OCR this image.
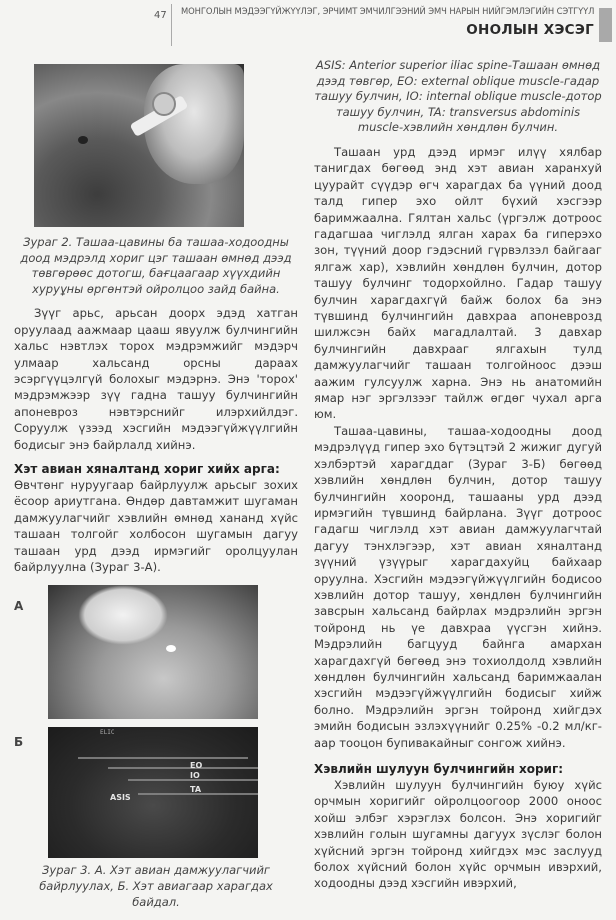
47 МОНГОЛЫН МЭДЭЭГҮЙЖҮҮЛЭГ, ЭРЧИМТ ЭМЧИЛГЭЭНИЙ ЭМЧ НАРЫН НИЙГЭМЛЭГИЙН СЭТГҮҮЛ
ОНОЛЫН ХЭСЭГ

Зураг 2. Ташаа-цавины ба ташаа-ходоодны доод мэдрэлд хориг цэг ташаан өмнөд дээд төвгөрөөс дотогш, бағцаагаар хүүхдийн хуруұны өргөнтэй ойролцоо зайд байна.

Зүүг арьс, арьсан доорх эдэд хатган оруулаад аажмаар цааш явуулж булчингийн хальс нэвтлэх торох мэдрэмжийг мэдэрч улмаар хальсанд орсны дараах эсэргүүцэлгүй болохыг мэдэрнэ. Энэ 'торох' мэдрэмжээр зүү гадна ташуу булчингийн апоневроз нэвтэрснийг илэрхийлдэг. Соруулж үзээд хэсгийн мэдээгүйжүүлгийн бодисыг энэ байрлалд хийнэ.

Хэт авиан хяналтанд хориг хийх арга:

Өвчтөнг нуруугаар байрлуулж арьсыг зохих ёсоор ариутгана. Өндөр давтамжит шугаман дамжуулагчийг хэвлийн өмнөд хананд хүйс ташаан толгойг холбосон шугамын дагуу ташаан урд дээд ирмэгийг оролцуулан байрлуулна (Зураг 3-А).

А
Б
ELIC
EO
IO
TA
ASIS

Зураг 3. А. Хэт авиан дамжуулагчийг байрлуулах, Б. Хэт авиагаар харагдах байдал.

ASIS: Anterior superior iliac spine-Ташаан өмнөд дээд төвгөр, EO: external oblique muscle-гадар ташуу булчин, IO: internal oblique muscle-дотор ташуу булчин, TA: transversus abdominis muscle-хэвлийн хөндлөн булчин.

Ташаан урд дээд ирмэг илүү хялбар танигдах бөгөөд энд хэт авиан харанхуй цуурайт сүүдэр өгч харагдах ба үүний доод талд гипер эхо ойлт бүхий хэсгээр баримжаална. Гялтан хальс (үргэлж дотроос гадагшаа чиглэлд ялган харах ба гиперэхо зон, түүний доор гэдэсний гүрвэлзэл байгааг ялгаж хар), хэвлийн хөндлөн булчин, дотор ташуу булчинг тодорхойлно. Гадар ташуу булчин харагдахгүй байж болох ба энэ түвшинд булчингийн давхраа апоневрозд шилжсэн байх магадлалтай. 3 давхар булчингийн давхрааг ялгахын тулд дамжуулагчийг ташаан толгойноос дээш аажим гулсуулж харна. Энэ нь анатомийн ямар нэг эргэлзээг тайлж өгдөг чухал арга юм.

Ташаа-цавины, ташаа-ходоодны доод мэдрэлүүд гипер эхо бүтэцтэй 2 жижиг дугуй хэлбэртэй харагддаг (Зураг 3-Б) бөгөөд хэвлийн хөндлөн булчин, дотор ташуу булчингийн хооронд, ташааны урд дээд ирмэгийн түвшинд байрлана. Зүүг дотроос гадагш чиглэлд хэт авиан дамжуулагчтай дагуу тэнхлэгээр, хэт авиан хяналтанд зүүний үзүүрыг харагдахуйц байхаар оруулна. Хэсгийн мэдээгүйжүүлгийн бодисоо хэвлийн дотор ташуу, хөндлөн булчингийн завсрын хальсанд байрлах мэдрэлийн эргэн тойронд нь үе давхраа үүсгэн хийнэ. Мэдрэлийн багцууд байнга амархан харагдахгүй бөгөөд энэ тохиолдолд хэвлийн хөндлөн булчингийн хальсанд баримжаалан хэсгийн мэдээгүйжүүлгийн бодисыг хийж болно. Мэдрэлийн эргэн тойронд хийгдэх эмийн бодисын эзлэхүүнийг 0.25% -0.2 мл/кг-аар тооцон бупивакайныг сонгож хийнэ.

Хэвлийн шулуун булчингийн хориг:

Хэвлийн шулуун булчингийн буюу хүйс орчмын хоригийг ойролцоогоор 2000 оноос хойш элбэг хэрэглэх болсон. Энэ хоригийг хэвлийн голын шугамны дагуух зүслэг болон хүйсний эргэн тойронд хийгдэх мэс заслууд болох хүйсний болон хүйс орчмын ивэрхий, ходоодны дээд хэсгийн ивэрхий,
